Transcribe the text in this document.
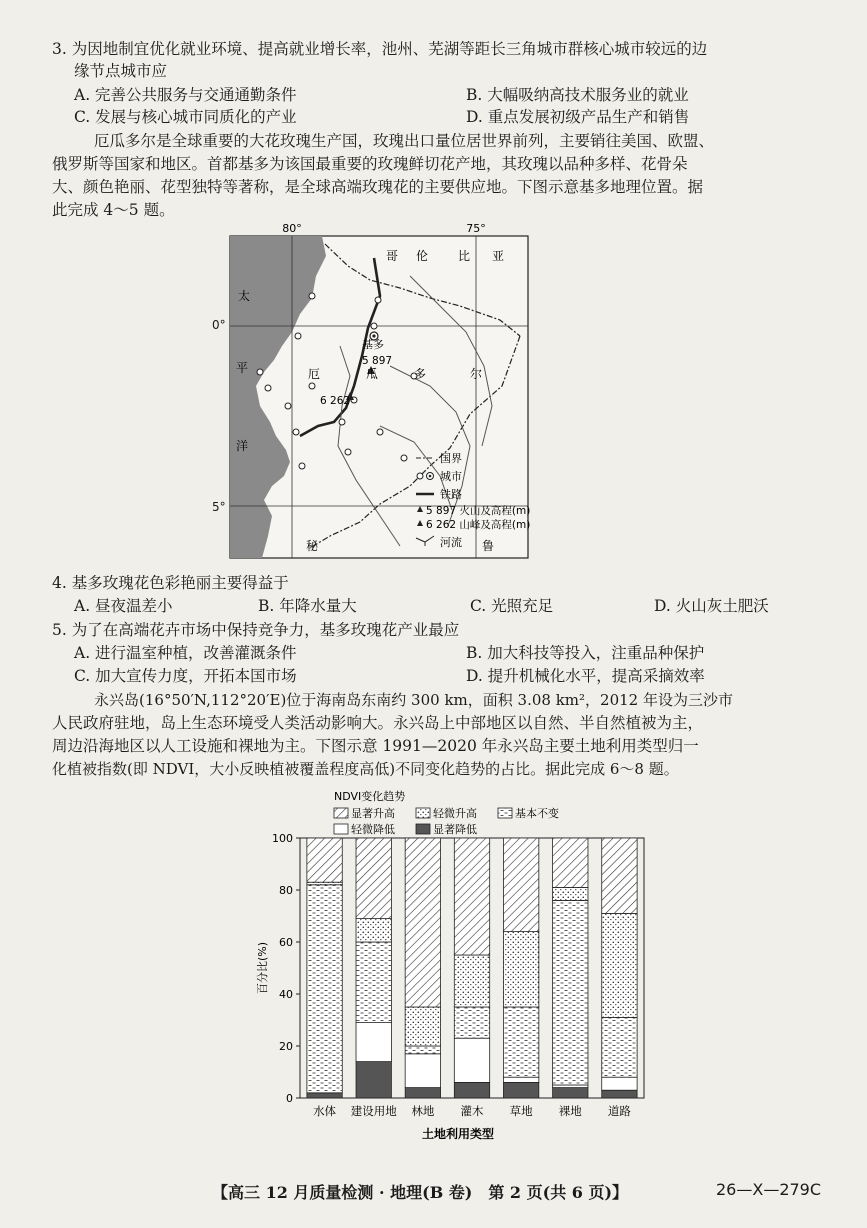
3. 为因地制宜优化就业环境、提高就业增长率，池州、芜湖等距长三角城市群核心城市较远的边
缘节点城市应
A. 完善公共服务与交通通勤条件	B. 大幅吸纳高技术服务业的就业
C. 发展与核心城市同质化的产业	D. 重点发展初级产品生产和销售
厄瓜多尔是全球重要的大花玫瑰生产国，玫瑰出口量位居世界前列，主要销往美国、欧盟、
俄罗斯等国家和地区。首都基多为该国最重要的玫瑰鲜切花产地，其玫瑰以品种多样、花骨朵
大、颜色艳丽、花型独特等著称，是全球高端玫瑰花的主要供应地。下图示意基多地理位置。据
此完成 4～5 题。
80°	75°
太
平
洋
哥 伦 比 亚
厄	瓜	多	尔
秘	鲁
基多
5 897
6 262
国界
城市
铁路
5 897 火山及高程(m)
6 262 山峰及高程(m)
河流
0°
5°
4. 基多玫瑰花色彩艳丽主要得益于
A. 昼夜温差小	B. 年降水量大	C. 光照充足	D. 火山灰土肥沃
5. 为了在高端花卉市场中保持竞争力，基多玫瑰花产业最应
A. 进行温室种植，改善灌溉条件	B. 加大科技等投入，注重品种保护
C. 加大宣传力度，开拓本国市场	D. 提升机械化水平，提高采摘效率
永兴岛(16°50′N,112°20′E)位于海南岛东南约 300 km，面积 3.08 km²，2012 年设为三沙市
人民政府驻地，岛上生态环境受人类活动影响大。永兴岛上中部地区以自然、半自然植被为主，
周边沿海地区以人工设施和裸地为主。下图示意 1991—2020 年永兴岛主要土地利用类型归一
化植被指数(即 NDVI，大小反映植被覆盖程度高低)不同变化趋势的占比。据此完成 6～8 题。
NDVI变化趋势
显著升高	轻微升高	基本不变
轻微降低	显著降低
0
20
40
60
80
100
百分比(%)
土地利用类型
水体 建设用地 林地 灌木 草地 裸地 道路
【高三 12 月质量检测 · 地理(B 卷)　第 2 页(共 6 页)】	26—X—279C
